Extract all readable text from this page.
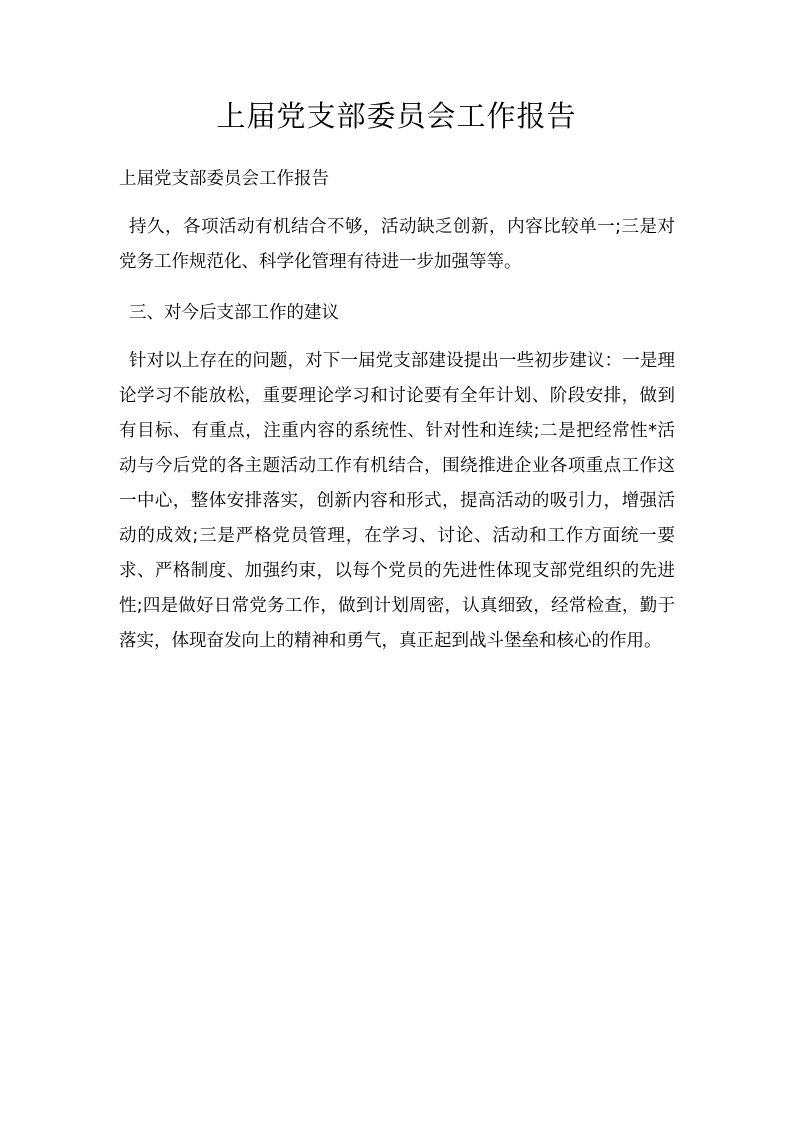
上届党支部委员会工作报告

上届党支部委员会工作报告

持久，各项活动有机结合不够，活动缺乏创新，内容比较单一;三是对党务工作规范化、科学化管理有待进一步加强等等。

三、对今后支部工作的建议

针对以上存在的问题，对下一届党支部建设提出一些初步建议：一是理论学习不能放松，重要理论学习和讨论要有全年计划、阶段安排，做到有目标、有重点，注重内容的系统性、针对性和连续;二是把经常性*活动与今后党的各主题活动工作有机结合，围绕推进企业各项重点工作这一中心，整体安排落实，创新内容和形式，提高活动的吸引力，增强活动的成效;三是严格党员管理，在学习、讨论、活动和工作方面统一要求、严格制度、加强约束，以每个党员的先进性体现支部党组织的先进性;四是做好日常党务工作，做到计划周密，认真细致，经常检查，勤于落实，体现奋发向上的精神和勇气，真正起到战斗堡垒和核心的作用。
